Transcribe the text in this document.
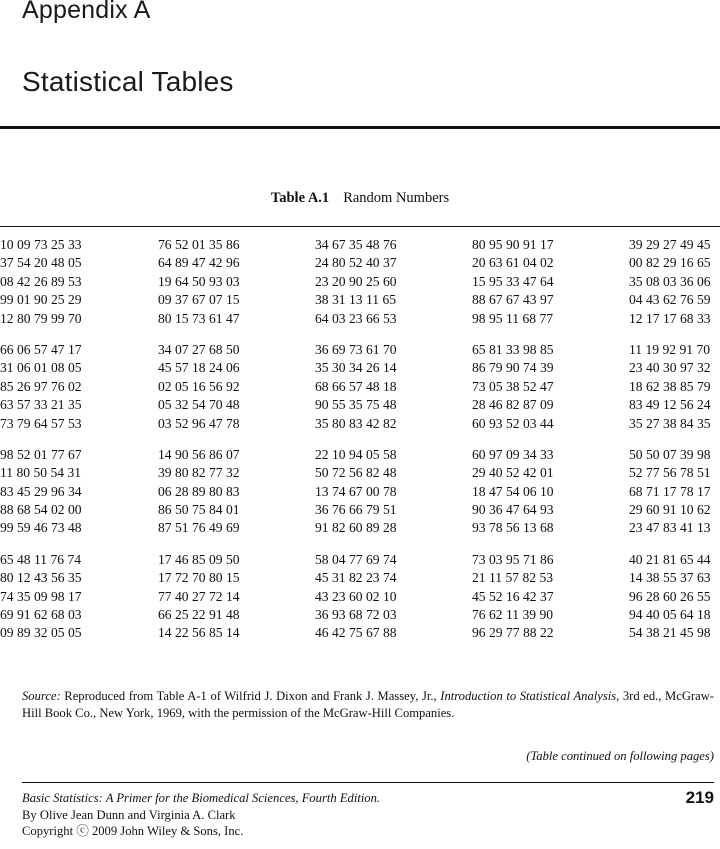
Appendix A
Statistical Tables
Table A.1 Random Numbers
10 09 73 25 33	76 52 01 35 86	34 67 35 48 76	80 95 90 91 17	39 29 27 49 45
37 54 20 48 05	64 89 47 42 96	24 80 52 40 37	20 63 61 04 02	00 82 29 16 65
08 42 26 89 53	19 64 50 93 03	23 20 90 25 60	15 95 33 47 64	35 08 03 36 06
99 01 90 25 29	09 37 67 07 15	38 31 13 11 65	88 67 67 43 97	04 43 62 76 59
12 80 79 99 70	80 15 73 61 47	64 03 23 66 53	98 95 11 68 77	12 17 17 68 33
66 06 57 47 17	34 07 27 68 50	36 69 73 61 70	65 81 33 98 85	11 19 92 91 70
31 06 01 08 05	45 57 18 24 06	35 30 34 26 14	86 79 90 74 39	23 40 30 97 32
85 26 97 76 02	02 05 16 56 92	68 66 57 48 18	73 05 38 52 47	18 62 38 85 79
63 57 33 21 35	05 32 54 70 48	90 55 35 75 48	28 46 82 87 09	83 49 12 56 24
73 79 64 57 53	03 52 96 47 78	35 80 83 42 82	60 93 52 03 44	35 27 38 84 35
98 52 01 77 67	14 90 56 86 07	22 10 94 05 58	60 97 09 34 33	50 50 07 39 98
11 80 50 54 31	39 80 82 77 32	50 72 56 82 48	29 40 52 42 01	52 77 56 78 51
83 45 29 96 34	06 28 89 80 83	13 74 67 00 78	18 47 54 06 10	68 71 17 78 17
88 68 54 02 00	86 50 75 84 01	36 76 66 79 51	90 36 47 64 93	29 60 91 10 62
99 59 46 73 48	87 51 76 49 69	91 82 60 89 28	93 78 56 13 68	23 47 83 41 13
65 48 11 76 74	17 46 85 09 50	58 04 77 69 74	73 03 95 71 86	40 21 81 65 44
80 12 43 56 35	17 72 70 80 15	45 31 82 23 74	21 11 57 82 53	14 38 55 37 63
74 35 09 98 17	77 40 27 72 14	43 23 60 02 10	45 52 16 42 37	96 28 60 26 55
69 91 62 68 03	66 25 22 91 48	36 93 68 72 03	76 62 11 39 90	94 40 05 64 18
09 89 32 05 05	14 22 56 85 14	46 42 75 67 88	96 29 77 88 22	54 38 21 45 98
Source: Reproduced from Table A-1 of Wilfrid J. Dixon and Frank J. Massey, Jr., Introduction to Statistical Analysis, 3rd ed., McGraw-Hill Book Co., New York, 1969, with the permission of the McGraw-Hill Companies.
(Table continued on following pages)
Basic Statistics: A Primer for the Biomedical Sciences, Fourth Edition.
By Olive Jean Dunn and Virginia A. Clark
Copyright ⓒ 2009 John Wiley & Sons, Inc.
219
